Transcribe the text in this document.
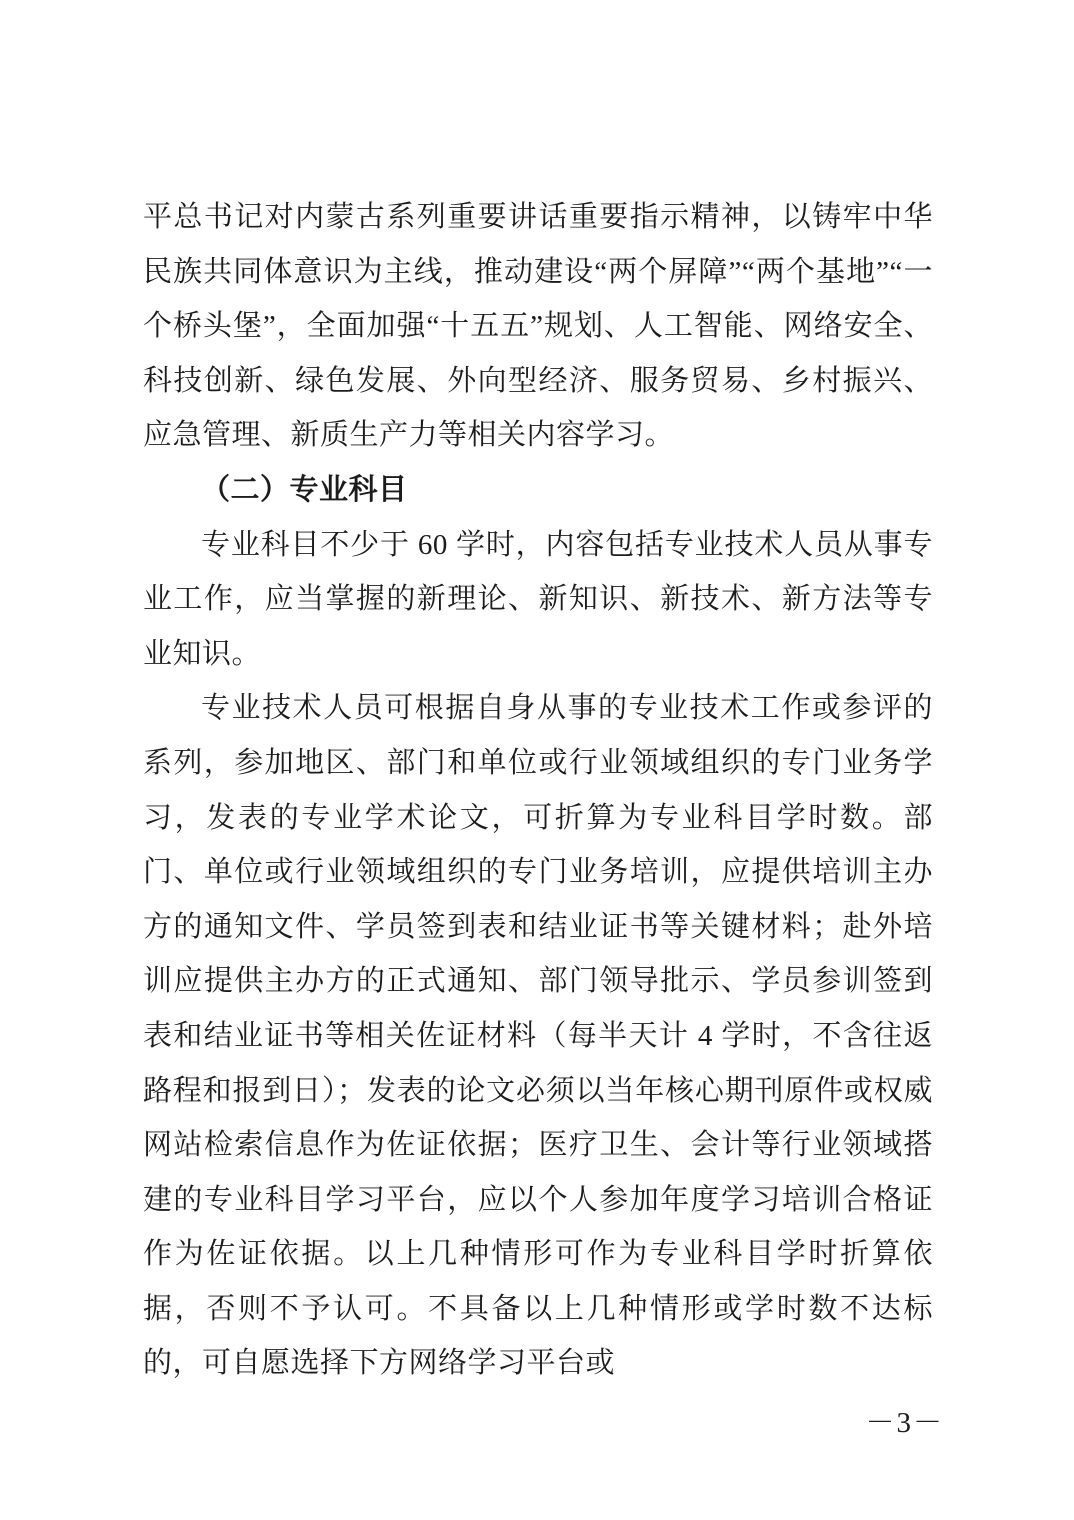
平总书记对内蒙古系列重要讲话重要指示精神，以铸牢中华民族共同体意识为主线，推动建设“两个屏障”“两个基地”“一个桥头堡”，全面加强“十五五”规划、人工智能、网络安全、科技创新、绿色发展、外向型经济、服务贸易、乡村振兴、应急管理、新质生产力等相关内容学习。

（二）专业科目

专业科目不少于 60 学时，内容包括专业技术人员从事专业工作，应当掌握的新理论、新知识、新技术、新方法等专业知识。

专业技术人员可根据自身从事的专业技术工作或参评的系列，参加地区、部门和单位或行业领域组织的专门业务学习，发表的专业学术论文，可折算为专业科目学时数。部门、单位或行业领域组织的专门业务培训，应提供培训主办方的通知文件、学员签到表和结业证书等关键材料；赴外培训应提供主办方的正式通知、部门领导批示、学员参训签到表和结业证书等相关佐证材料（每半天计 4 学时，不含往返路程和报到日）；发表的论文必须以当年核心期刊原件或权威网站检索信息作为佐证依据；医疗卫生、会计等行业领域搭建的专业科目学习平台，应以个人参加年度学习培训合格证作为佐证依据。以上几种情形可作为专业科目学时折算依据，否则不予认可。不具备以上几种情形或学时数不达标的，可自愿选择下方网络学习平台或

－3－
